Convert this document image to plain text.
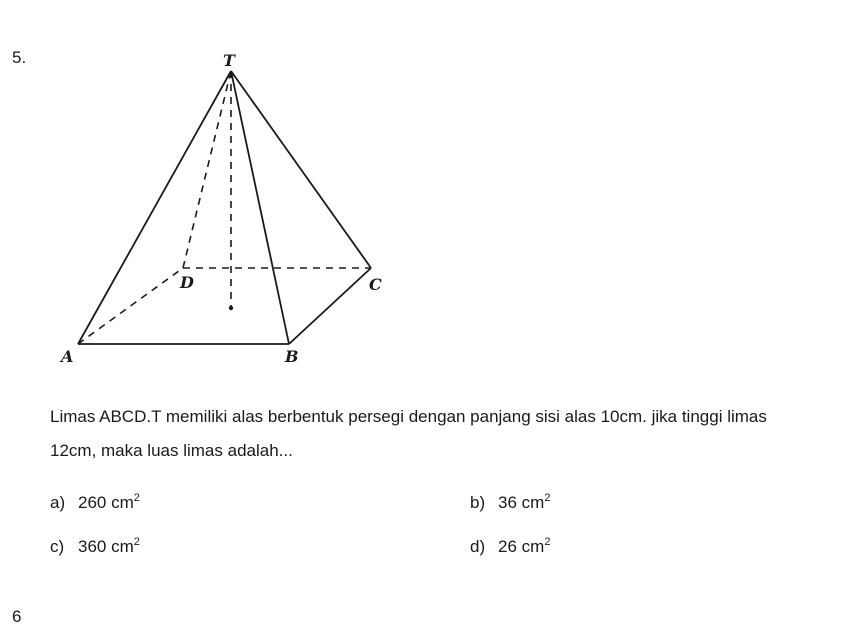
5.	T
A	B
C
D
Limas ABCD.T memiliki alas berbentuk persegi dengan panjang sisi alas 10cm. jika tinggi limas
12cm, maka luas limas adalah...
a) 260 $cm^2$	b) 36 $cm^2$
c) 360 $cm^2$	d) 26 $cm^2$
6
